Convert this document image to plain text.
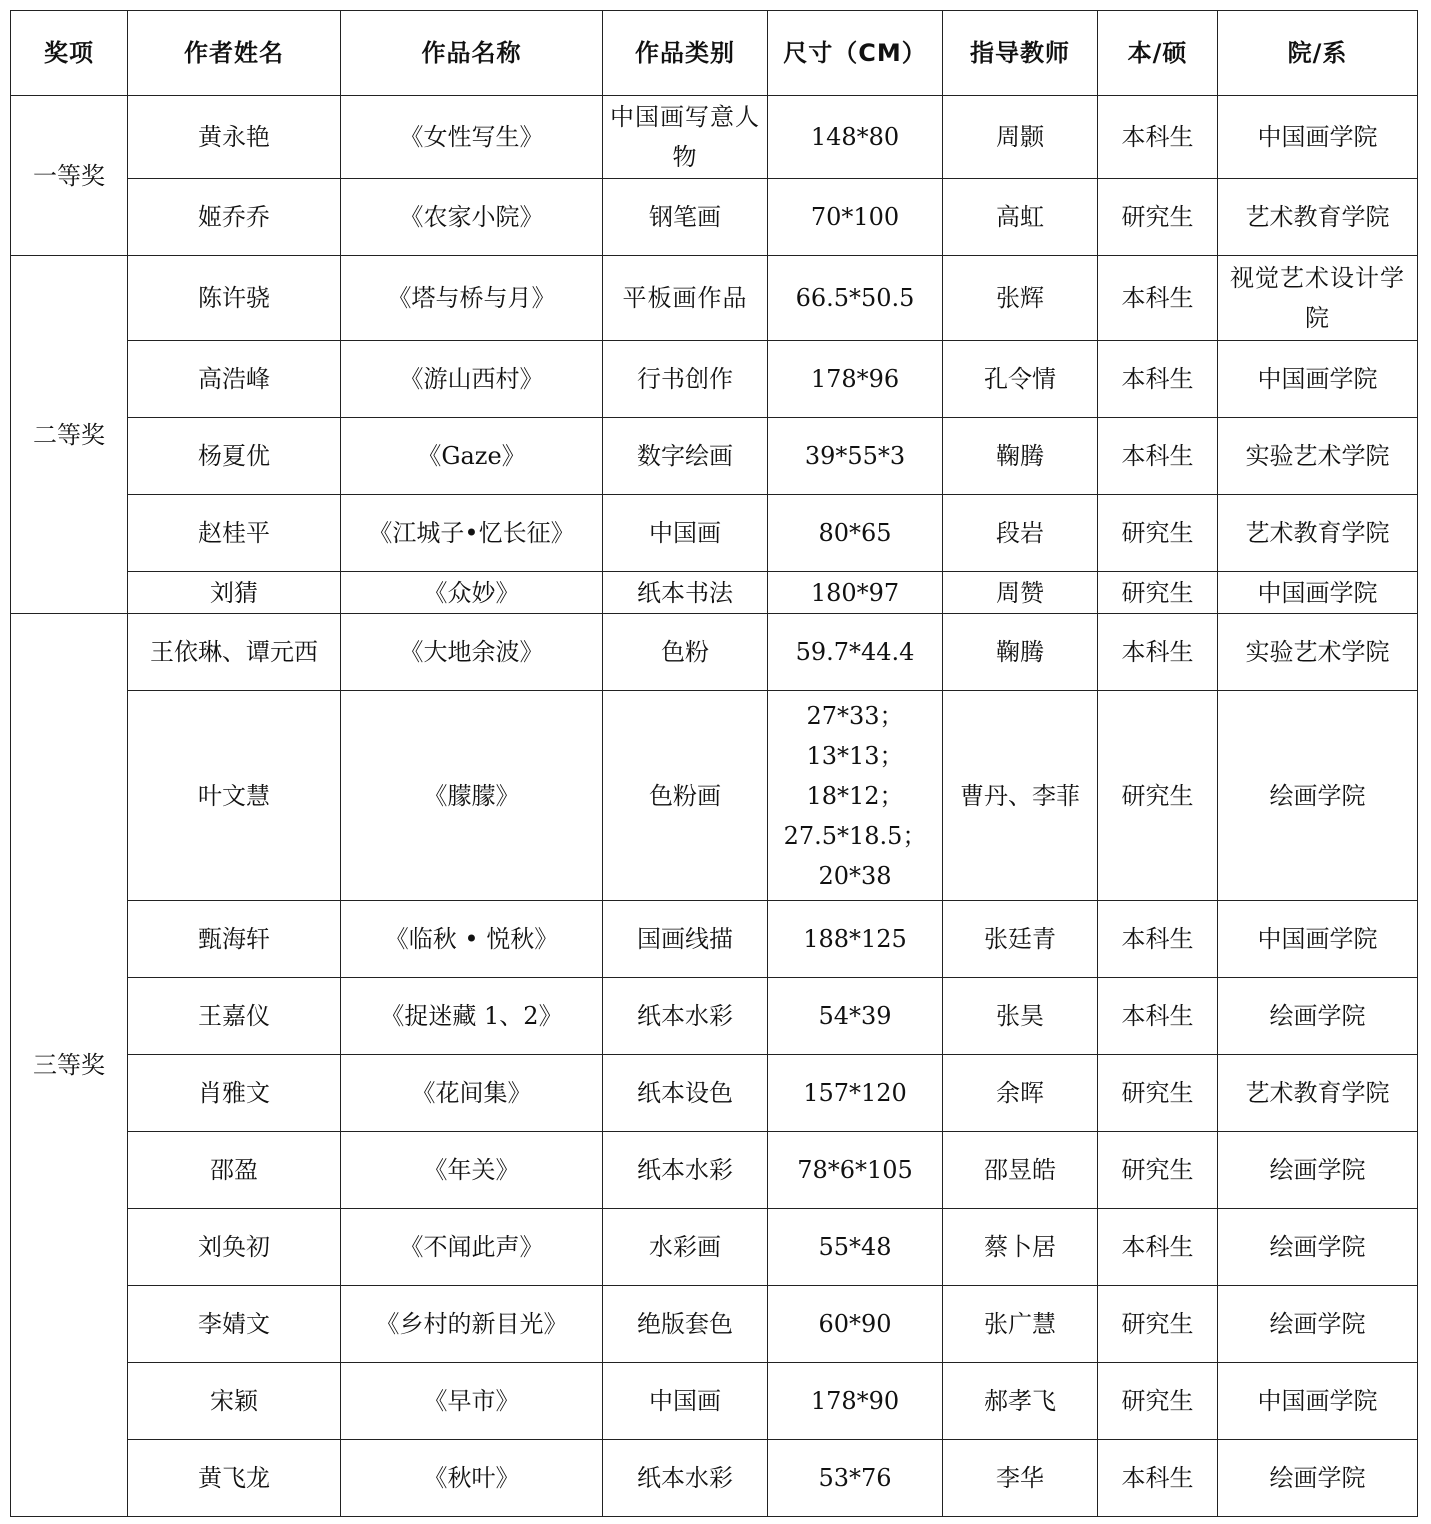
奖项	作者姓名	作品名称	作品类别	尺寸（CM）	指导教师	本/硕	院/系
一等奖	黄永艳	《女性写生》	中国画写意人物	148*80	周颢	本科生	中国画学院
	姬乔乔	《农家小院》	钢笔画	70*100	高虹	研究生	艺术教育学院
二等奖	陈许骁	《塔与桥与月》	平板画作品	66.5*50.5	张辉	本科生	视觉艺术设计学院
	高浩峰	《游山西村》	行书创作	178*96	孔令情	本科生	中国画学院
	杨夏优	《Gaze》	数字绘画	39*55*3	鞠腾	本科生	实验艺术学院
	赵桂平	《江城子•忆长征》	中国画	80*65	段岩	研究生	艺术教育学院
	刘猜	《众妙》	纸本书法	180*97	周赞	研究生	中国画学院
三等奖	王依琳、谭元西	《大地余波》	色粉	59.7*44.4	鞠腾	本科生	实验艺术学院
	叶文慧	《朦朦》	色粉画	27*33；
13*13；
18*12；
27.5*18.5；
20*38	曹丹、李菲	研究生	绘画学院
	甄海轩	《临秋 • 悦秋》	国画线描	188*125	张廷青	本科生	中国画学院
	王嘉仪	《捉迷藏 1、2》	纸本水彩	54*39	张昊	本科生	绘画学院
	肖雅文	《花间集》	纸本设色	157*120	余晖	研究生	艺术教育学院
	邵盈	《年关》	纸本水彩	78*6*105	邵昱皓	研究生	绘画学院
	刘奂初	《不闻此声》	水彩画	55*48	蔡卜居	本科生	绘画学院
	李婧文	《乡村的新目光》	绝版套色	60*90	张广慧	研究生	绘画学院
	宋颖	《早市》	中国画	178*90	郝孝飞	研究生	中国画学院
	黄飞龙	《秋叶》	纸本水彩	53*76	李华	本科生	绘画学院
